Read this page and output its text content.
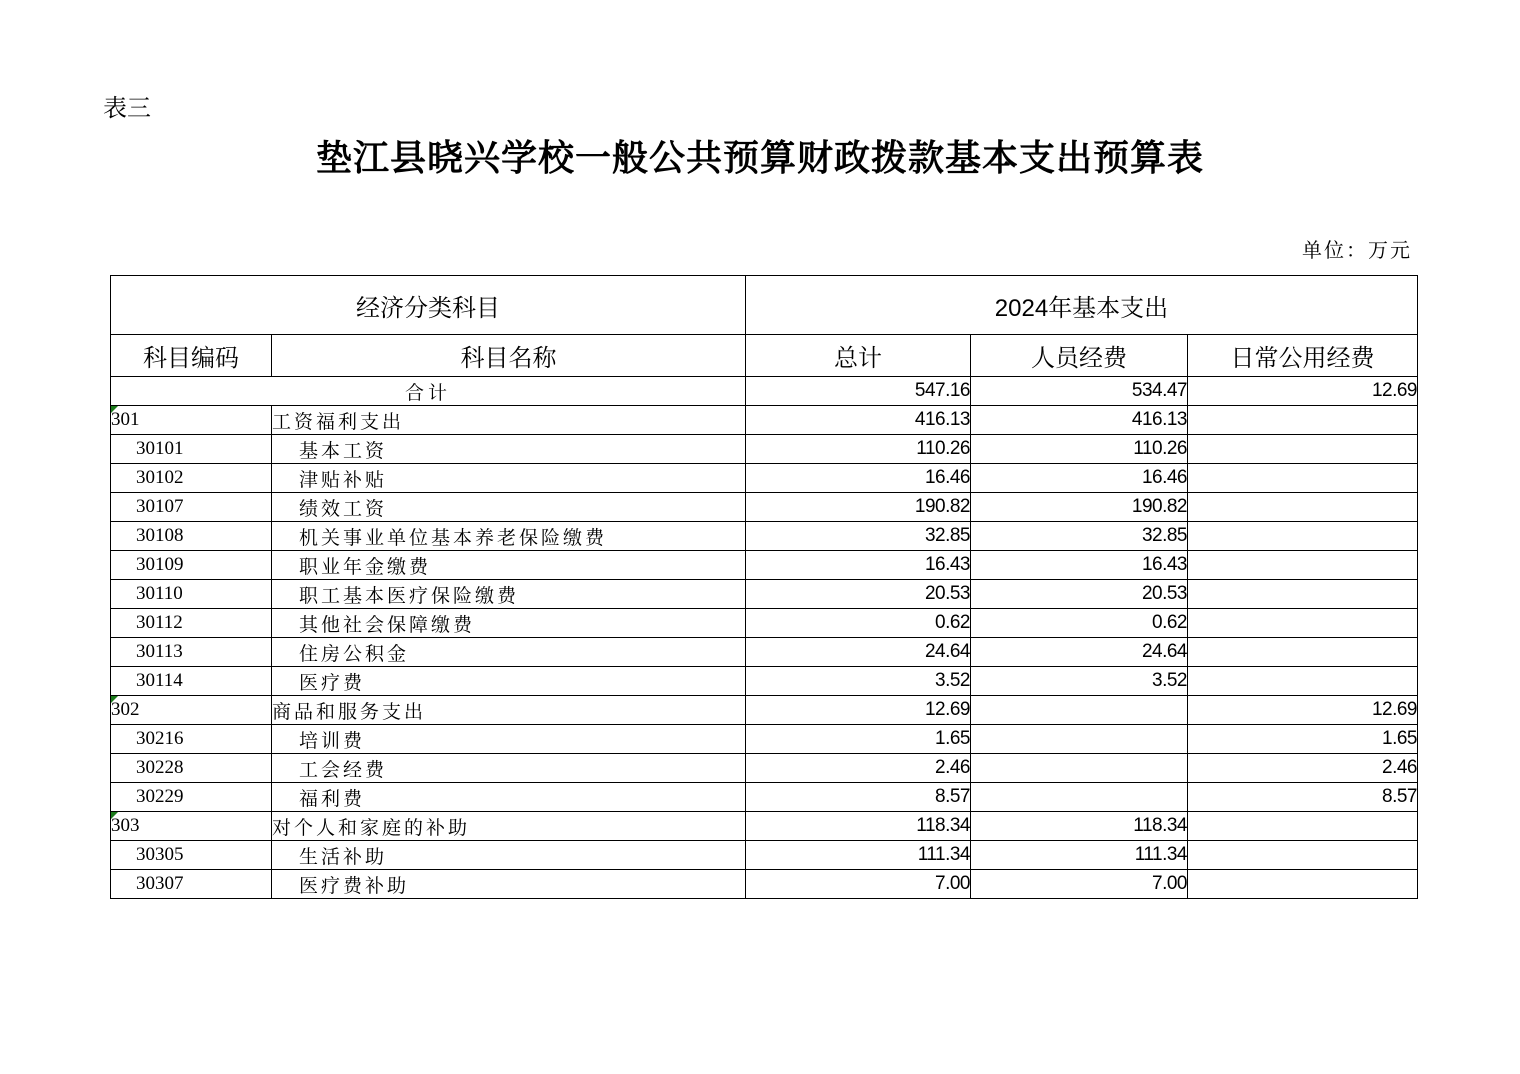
表三
垫江县晓兴学校一般公共预算财政拨款基本支出预算表
单位：万元
经济分类科目		2024年基本支出		
科目编码	科目名称	总计	人员经费	日常公用经费
合计		547.16	534.47	12.69
301	工资福利支出	416.13	416.13	
30101	基本工资	110.26	110.26	
30102	津贴补贴	16.46	16.46	
30107	绩效工资	190.82	190.82	
30108	机关事业单位基本养老保险缴费	32.85	32.85	
30109	职业年金缴费	16.43	16.43	
30110	职工基本医疗保险缴费	20.53	20.53	
30112	其他社会保障缴费	0.62	0.62	
30113	住房公积金	24.64	24.64	
30114	医疗费	3.52	3.52	
302	商品和服务支出	12.69		12.69
30216	培训费	1.65		1.65
30228	工会经费	2.46		2.46
30229	福利费	8.57		8.57
303	对个人和家庭的补助	118.34	118.34	
30305	生活补助	111.34	111.34	
30307	医疗费补助	7.00	7.00	
